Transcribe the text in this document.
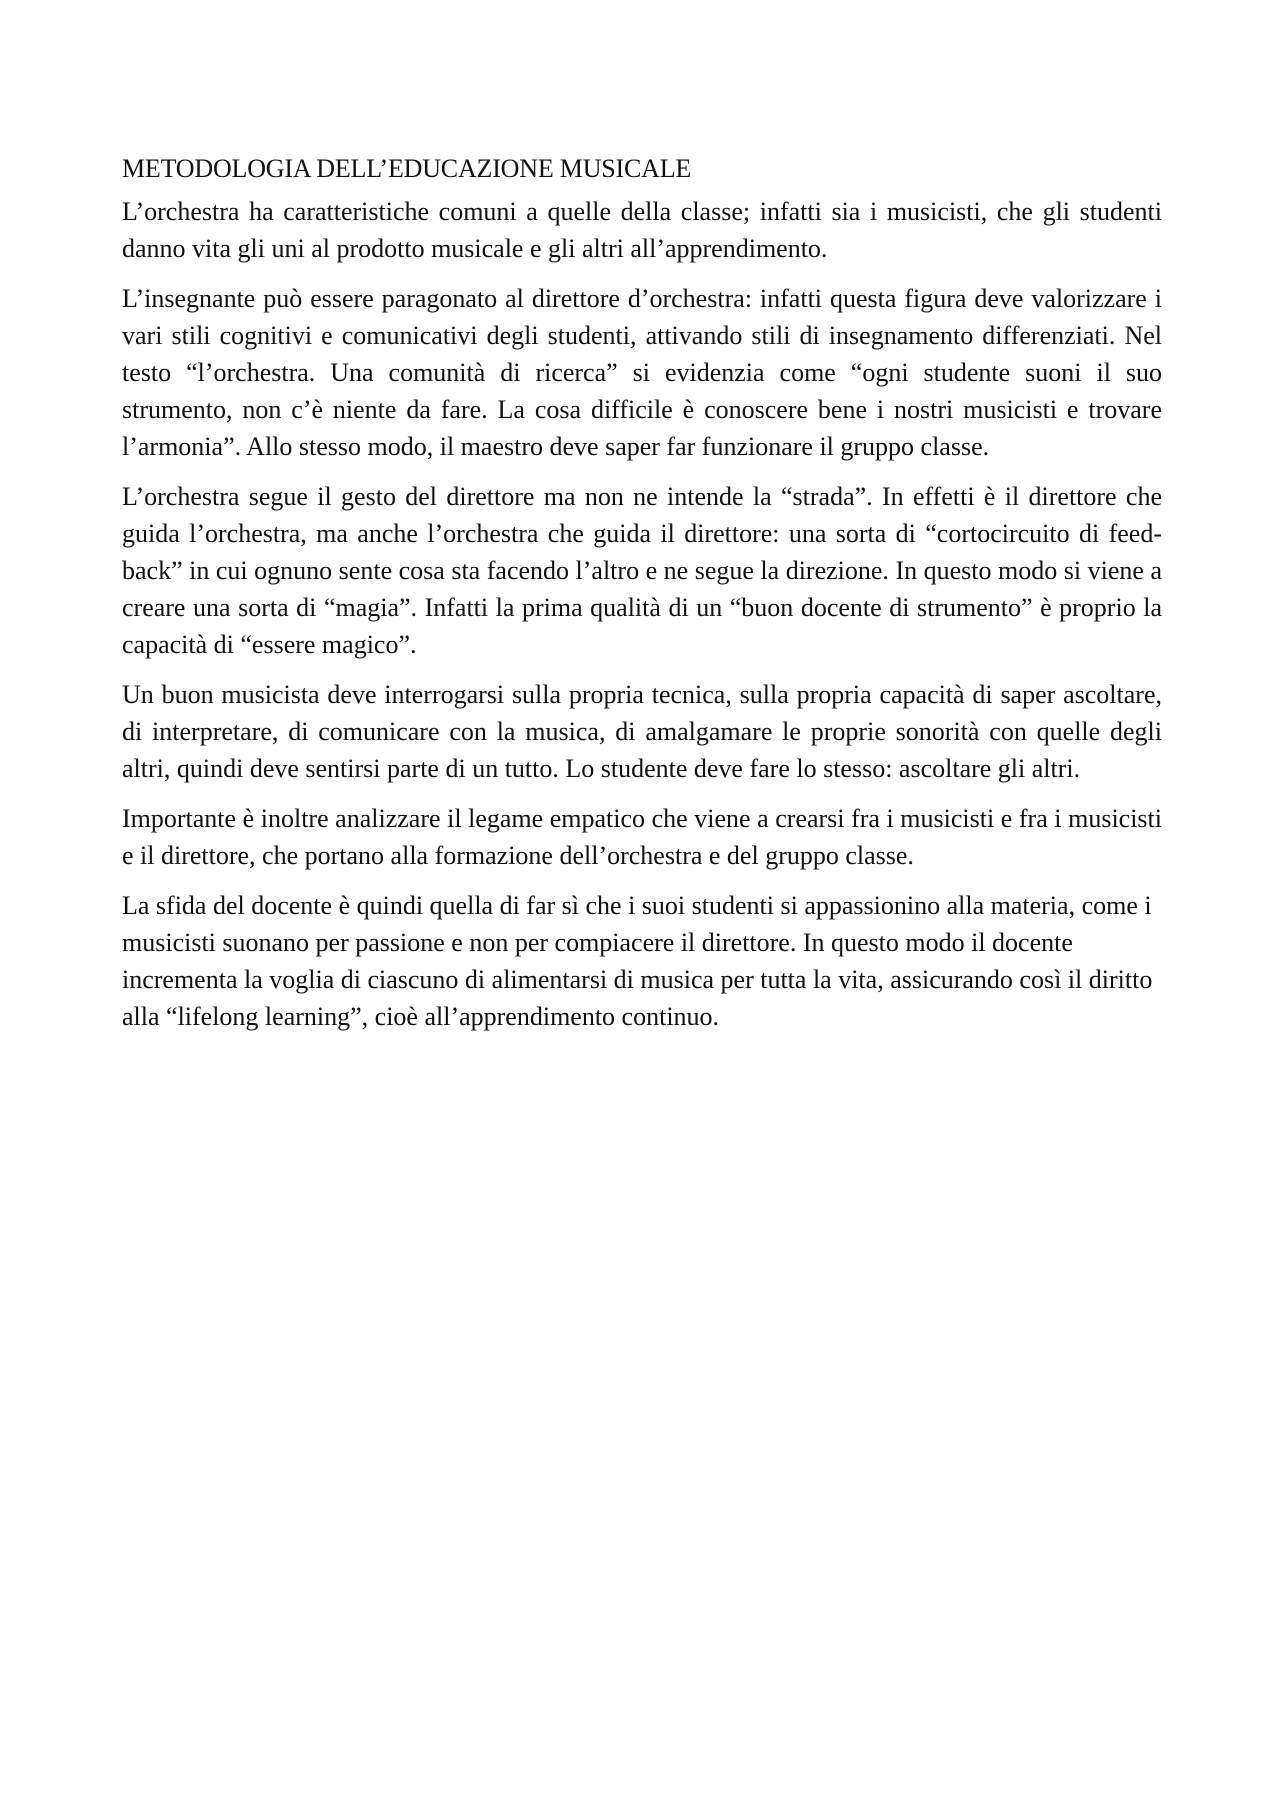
METODOLOGIA DELL’EDUCAZIONE MUSICALE

L’orchestra ha caratteristiche comuni a quelle della classe; infatti sia i musicisti, che gli studenti danno vita gli uni al prodotto musicale e gli altri all’apprendimento.

L’insegnante può essere paragonato al direttore d’orchestra: infatti questa figura deve valorizzare i vari stili cognitivi e comunicativi degli studenti, attivando stili di insegnamento differenziati. Nel testo “l’orchestra. Una comunità di ricerca” si evidenzia come “ogni studente suoni il suo strumento, non c’è niente da fare. La cosa difficile è conoscere bene i nostri musicisti e trovare l’armonia”. Allo stesso modo, il maestro deve saper far funzionare il gruppo classe.

L’orchestra segue il gesto del direttore ma non ne intende la “strada”. In effetti è il direttore che guida l’orchestra, ma anche l’orchestra che guida il direttore: una sorta di “cortocircuito di feed-back” in cui ognuno sente cosa sta facendo l’altro e ne segue la direzione. In questo modo si viene a creare una sorta di “magia”. Infatti la prima qualità di un “buon docente di strumento” è proprio la capacità di “essere magico”.

Un buon musicista deve interrogarsi sulla propria tecnica, sulla propria capacità di saper ascoltare, di interpretare, di comunicare con la musica, di amalgamare le proprie sonorità con quelle degli altri, quindi deve sentirsi parte di un tutto. Lo studente deve fare lo stesso: ascoltare gli altri.

Importante è inoltre analizzare il legame empatico che viene a crearsi fra i musicisti e fra i musicisti e il direttore, che portano alla formazione dell’orchestra e del gruppo classe.

La sfida del docente è quindi quella di far sì che i suoi studenti si appassionino alla materia, come i musicisti suonano per passione e non per compiacere il direttore. In questo modo il docente incrementa la voglia di ciascuno di alimentarsi di musica per tutta la vita, assicurando così il diritto alla “lifelong learning”, cioè all’apprendimento continuo.
